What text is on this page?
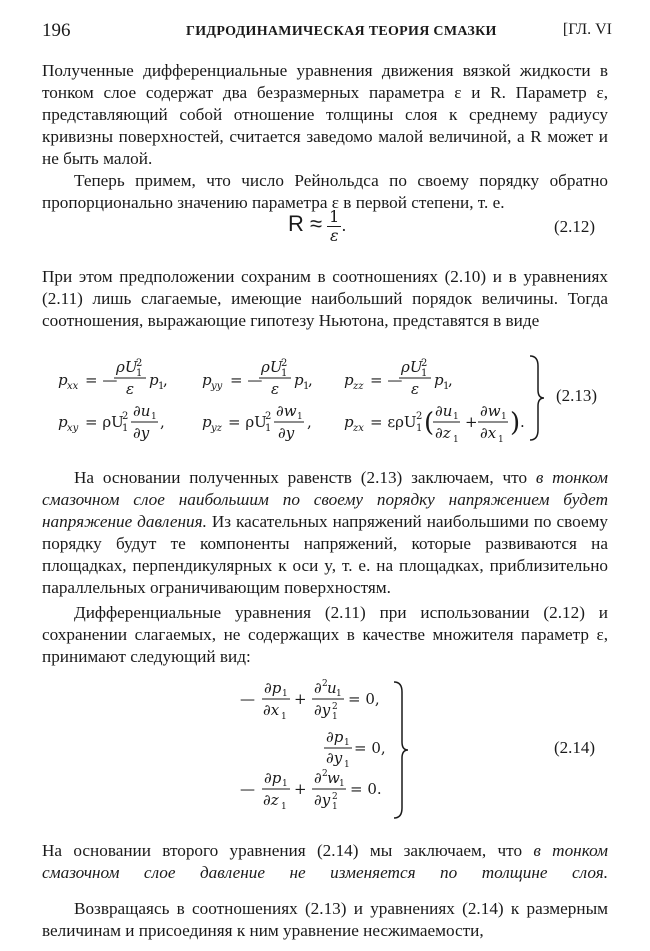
196	ГИДРОДИНАМИЧЕСКАЯ ТЕОРИЯ СМАЗКИ	[ГЛ. VI

Полученные дифференциальные уравнения движения вязкой жидкости в тонком слое содержат два безразмерных параметра ε и R. Параметр ε, представляющий собой отношение толщины слоя к среднему радиусу кривизны поверхностей, считается заведомо малой величиной, а R может и не быть малой.

Теперь примем, что число Рейнольдса по своему порядку обратно пропорционально значению параметра ε в первой степени, т. е.

$R \approx \frac{1}{\varepsilon}$ .	(2.12)

При этом предположении сохраним в соотношениях (2.10) и в уравнениях (2.11) лишь слагаемые, имеющие наибольший порядок величины. Тогда соотношения, выражающие гипотезу Ньютона, представятся в виде

p xx = —
ρU
2
1
ε p 1
, p yy = —
ρU
2
1
ε p 1
, p zz = —
ρU
2
1
ε p 1
,
p xy = ρU
2
1
∂u 1
∂y
, p yz = ρU
2
1
∂w 1
∂y
, p zx = ερU 2
1 ( ∂u 1
∂z 1
+
∂w 1
∂x 1
) .
(2.13)

На основании полученных равенств (2.13) заключаем, что в тонком смазочном слое наибольшим по своему порядку напряжением будет напряжение давления. Из касательных напряжений наибольшими по своему порядку будут те компоненты напряжений, которые развиваются на площадках, перпендикулярных к оси y, т. е. на площадках, приблизительно параллельных ограничивающим поверхностям.

Дифференциальные уравнения (2.11) при использовании (2.12) и сохранении слагаемых, не содержащих в качестве множителя параметр ε, принимают следующий вид:

—
∂p 1
∂x 1
+
∂ 2 u 1
∂y 2
1
= 0,
∂p 1
∂y 1
= 0,
—
∂p 1
∂z 1
+
∂ 2 w 1
∂y 2
1
= 0.
(2.14)

На основании второго уравнения (2.14) мы заключаем, что в тонком смазочном слое давление не изменяется по толщине слоя.

Возвращаясь в соотношениях (2.13) и уравнениях (2.14) к размерным величинам и присоединяя к ним уравнение несжимаемости,
